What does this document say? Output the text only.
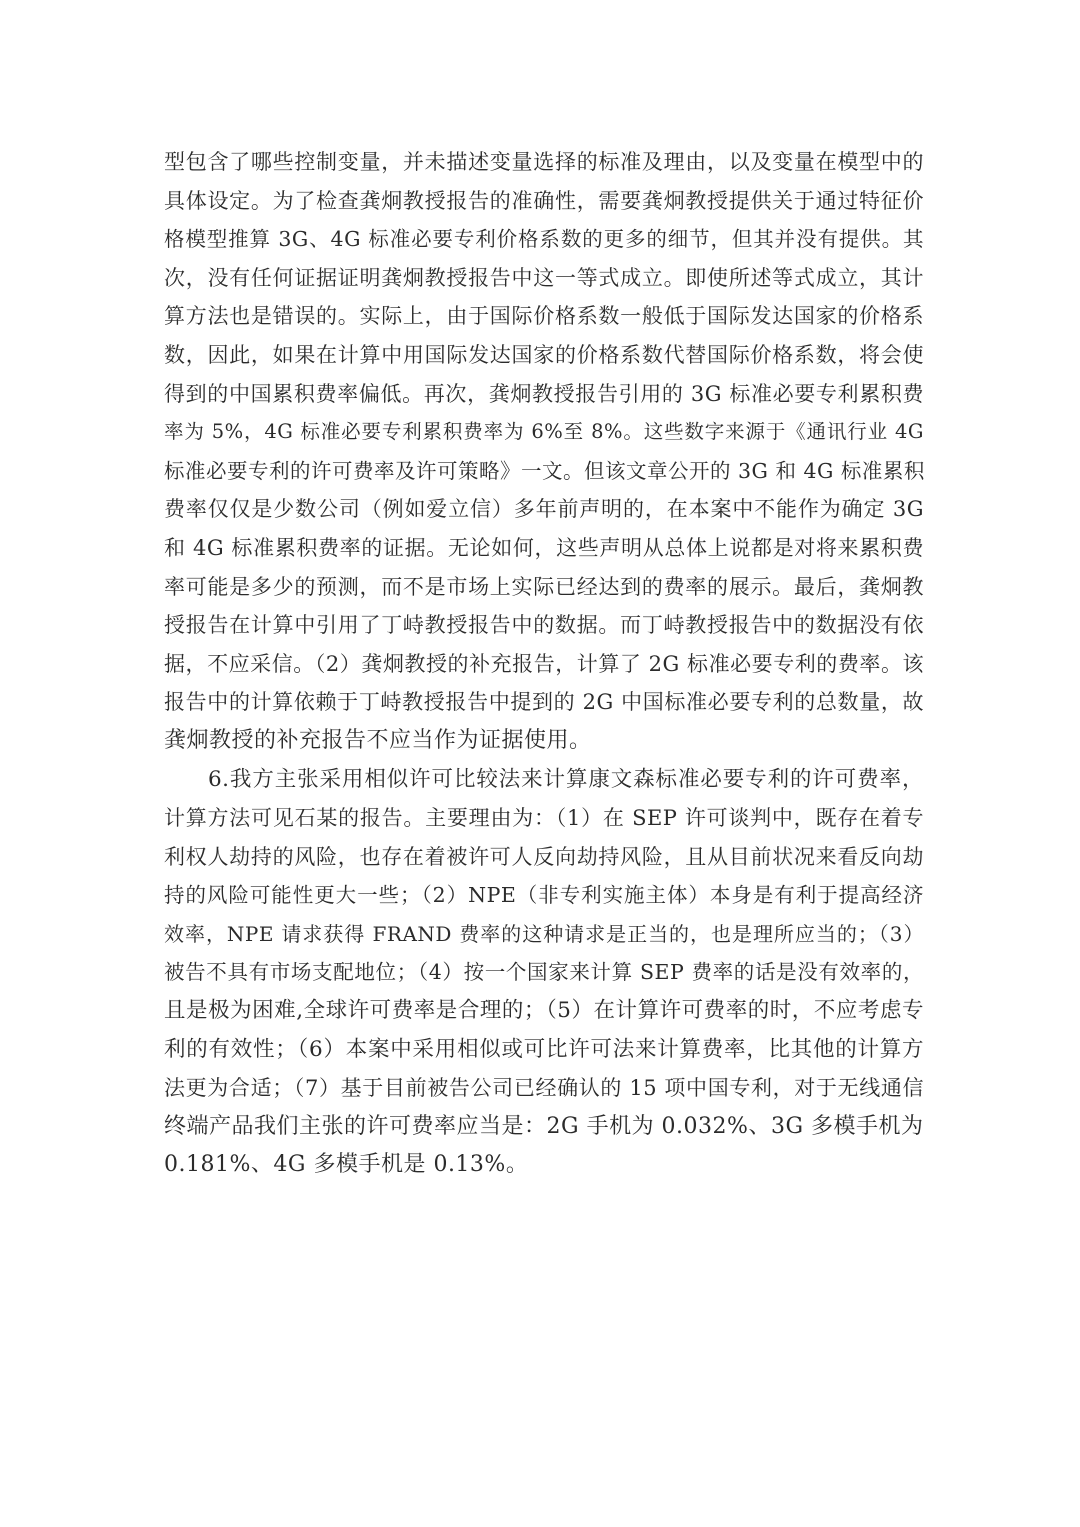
型包含了哪些控制变量，并未描述变量选择的标准及理由，以及变量在模型中的
具体设定。为了检查龚炯教授报告的准确性，需要龚炯教授提供关于通过特征价
格模型推算 3G、4G 标准必要专利价格系数的更多的细节，但其并没有提供。其
次，没有任何证据证明龚炯教授报告中这一等式成立。即使所述等式成立，其计
算方法也是错误的。实际上，由于国际价格系数一般低于国际发达国家的价格系
数，因此，如果在计算中用国际发达国家的价格系数代替国际价格系数，将会使
得到的中国累积费率偏低。再次，龚炯教授报告引用的 3G 标准必要专利累积费
率为 5%，4G 标准必要专利累积费率为 6%至 8%。这些数字来源于《通讯行业 4G
标准必要专利的许可费率及许可策略》一文。但该文章公开的 3G 和 4G 标准累积
费率仅仅是少数公司（例如爱立信）多年前声明的，在本案中不能作为确定 3G
和 4G 标准累积费率的证据。无论如何，这些声明从总体上说都是对将来累积费
率可能是多少的预测，而不是市场上实际已经达到的费率的展示。最后，龚炯教
授报告在计算中引用了丁峙教授报告中的数据。而丁峙教授报告中的数据没有依
据，不应采信。（2）龚炯教授的补充报告，计算了 2G 标准必要专利的费率。该
报告中的计算依赖于丁峙教授报告中提到的 2G 中国标准必要专利的总数量，故
龚炯教授的补充报告不应当作为证据使用。
6.我方主张采用相似许可比较法来计算康文森标准必要专利的许可费率，
计算方法可见石某的报告。主要理由为：（1）在 SEP 许可谈判中，既存在着专
利权人劫持的风险，也存在着被许可人反向劫持风险，且从目前状况来看反向劫
持的风险可能性更大一些；（2）NPE（非专利实施主体）本身是有利于提高经济
效率，NPE 请求获得 FRAND 费率的这种请求是正当的，也是理所应当的；（3）
被告不具有市场支配地位；（4）按一个国家来计算 SEP 费率的话是没有效率的，
且是极为困难,全球许可费率是合理的；（5）在计算许可费率的时，不应考虑专
利的有效性；（6）本案中采用相似或可比许可法来计算费率，比其他的计算方
法更为合适；（7）基于目前被告公司已经确认的 15 项中国专利，对于无线通信
终端产品我们主张的许可费率应当是：2G 手机为 0.032%、3G 多模手机为
0.181%、4G 多模手机是 0.13%。
